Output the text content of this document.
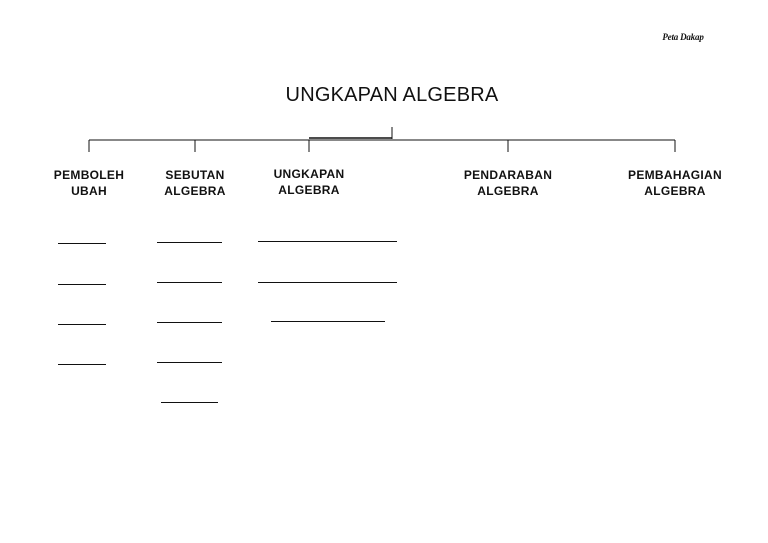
Peta Dakap
UNGKAPAN ALGEBRA
PEMBOLEH
UBAH
SEBUTAN
ALGEBRA
UNGKAPAN
ALGEBRA
PENDARABAN
ALGEBRA
PEMBAHAGIAN
ALGEBRA
